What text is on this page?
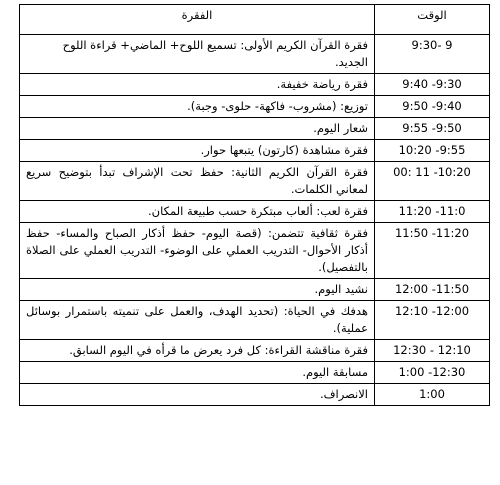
الوقت	الفقرة
9 -9:30	فقرة القرآن الكريم الأولى: تسميع اللوح+ الماضي+ قراءة اللوح الجديد.
9:30- 9:40	فقرة رياضة خفيفة.
9:40- 9:50	توزيع: (مشروب- فاكهة- حلوى- وجبة).
9:50- 9:55	شعار اليوم.
9:55- 10:20	فقرة مشاهدة (كارتون) يتبعها حوار.
10:20- 11 :00	فقرة القرآن الكريم الثانية: حفظ تحت الإشراف تبدأ بتوضيح سريع لمعاني الكلمات.
11:0- 11:20	فقرة لعب: ألعاب مبتكرة حسب طبيعة المكان.
11:20- 11:50	فقرة ثقافية تتضمن: (قصة اليوم- حفظ أذكار الصباح والمساء- حفظ أذكار الأحوال- التدريب العملي على الوضوء- التدريب العملي على الصلاة بالتفصيل).
11:50- 12:00	نشيد اليوم.
12:00- 12:10	هدفك في الحياة: (تحديد الهدف، والعمل على تنميته باستمرار بوسائل عملية).
12:10 - 12:30	فقرة مناقشة القراءة: كل فرد يعرض ما قرأه في اليوم السابق.
12:30- 1:00	مسابقة اليوم.
1:00	الانصراف.
